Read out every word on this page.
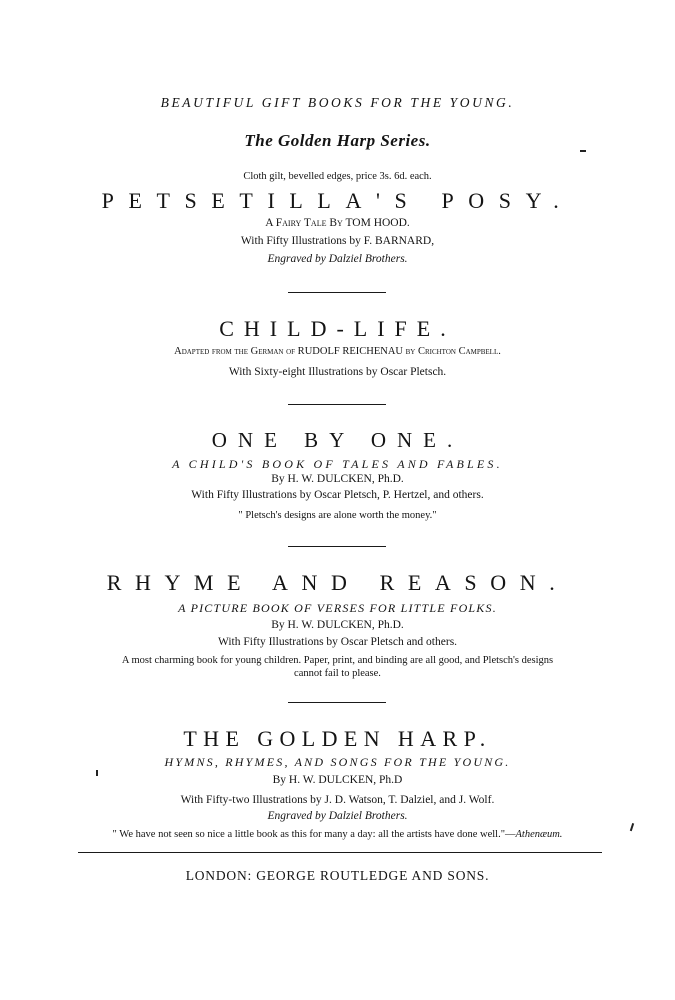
BEAUTIFUL GIFT BOOKS FOR THE YOUNG.
The Golden Harp Series.
Cloth gilt, bevelled edges, price 3s. 6d. each.
PETSETILLA'S POSY.
A Fairy Tale By TOM HOOD.
With Fifty Illustrations by F. BARNARD,
Engraved by Dalziel Brothers.
CHILD-LIFE.
Adapted from the German of RUDOLF REICHENAU by Crichton Campbell.
With Sixty-eight Illustrations by Oscar Pletsch.
ONE BY ONE.
A CHILD'S BOOK OF TALES AND FABLES.
By H. W. DULCKEN, Ph.D.
With Fifty Illustrations by Oscar Pletsch, P. Hertzel, and others.
" Pletsch's designs are alone worth the money."
RHYME AND REASON.
A PICTURE BOOK OF VERSES FOR LITTLE FOLKS.
By H. W. DULCKEN, Ph.D.
With Fifty Illustrations by Oscar Pletsch and others.
A most charming book for young children. Paper, print, and binding are all good, and Pletsch's designs
cannot fail to please.
THE GOLDEN HARP.
HYMNS, RHYMES, AND SONGS FOR THE YOUNG.
By H. W. DULCKEN, Ph.D
With Fifty-two Illustrations by J. D. Watson, T. Dalziel, and J. Wolf.
Engraved by Dalziel Brothers.
" We have not seen so nice a little book as this for many a day: all the artists have done well."—Athenæum.
LONDON: GEORGE ROUTLEDGE AND SONS.
